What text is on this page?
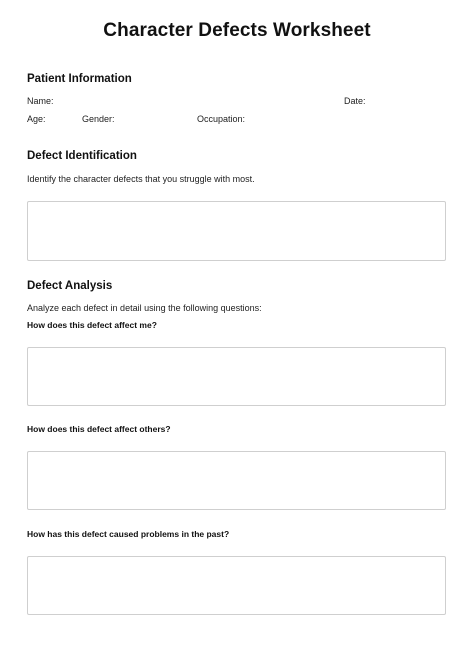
Character Defects Worksheet
Patient Information
Name:	Date:
Age:	Gender:	Occupation:
Defect Identification
Identify the character defects that you struggle with most.
Defect Analysis
Analyze each defect in detail using the following questions:
How does this defect affect me?
How does this defect affect others?
How has this defect caused problems in the past?
